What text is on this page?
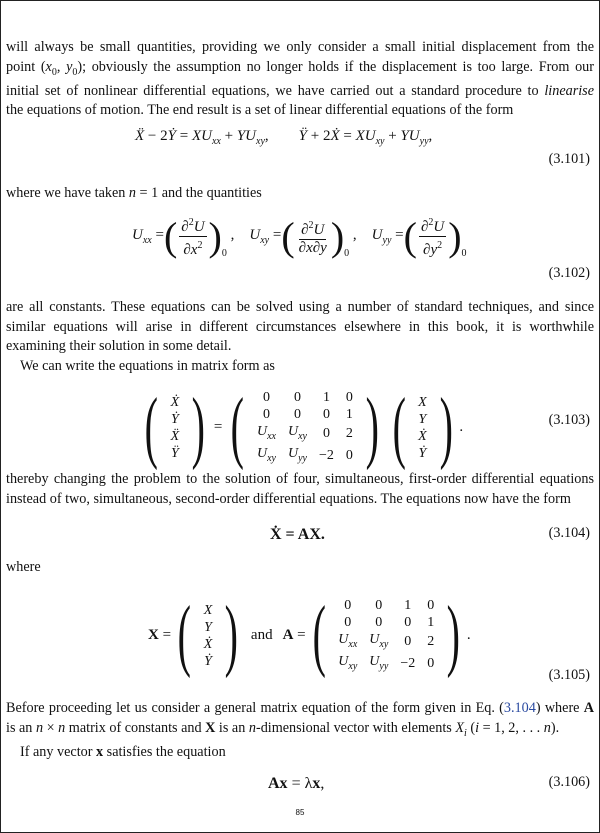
will always be small quantities, providing we only consider a small initial displacement from the
point ($x_0$, $y_0$); obviously the assumption no longer holds if the displacement is too large. From our
initial set of nonlinear differential equations, we have carried out a standard procedure to linearise
the equations of motion. The end result is a set of linear differential equations of the form
Ẍ − 2Ẏ = $XU_{xx} + YU_{xy}$,        Ÿ + 2Ẋ = $XU_{xy} + YU_{yy}$,
(3.101)
where we have taken n = 1 and the quantities
$U_{xx}$ = ( $\frac{\partial^2U}{\partial x^2} )_0$
,    $U_{xy}$ = ( $\frac{\partial^2U}{\partial x\partial y} )_0$
,    $U_{yy}$ = ( $\frac{\partial^2U}{\partial y^2} )_0$
(3.102)
are all constants. These equations can be solved using a number of standard techniques, and since
similar equations will arise in different circumstances elsewhere in this book, it is worthwhile
examining their solution in some detail.
We can write the equations in matrix form as
( Ẋ
Ẏ
Ẍ
Ÿ ) = ( 0	0	1	0
0	0	0	1
$U_{xx}$	$U_{xy}$	0	2
$U_{xy}$	$U_{yy}$	−2	0 ) ( X
Y
Ẋ
Ẏ ) .	(3.103)
thereby changing the problem to the solution of four, simultaneous, first-order differential equations
instead of two, simultaneous, second-order differential equations. The equations now have the form
Ẋ = AX.	(3.104)
where
X = ( X
Y
Ẋ
Ẏ ) and A = ( 0	0	1	0
0	0	0	1
$U_{xx}$	$U_{xy}$	0	2
$U_{xy}$	$U_{yy}$	−2	0 ) .
(3.105)
Before proceeding let us consider a general matrix equation of the form given in Eq. (3.104) where A
is an n × n matrix of constants and X is an n-dimensional vector with elements $X_i$ (i = 1, 2, . . . n).
If any vector x satisfies the equation
Ax = λx,	(3.106)
85
